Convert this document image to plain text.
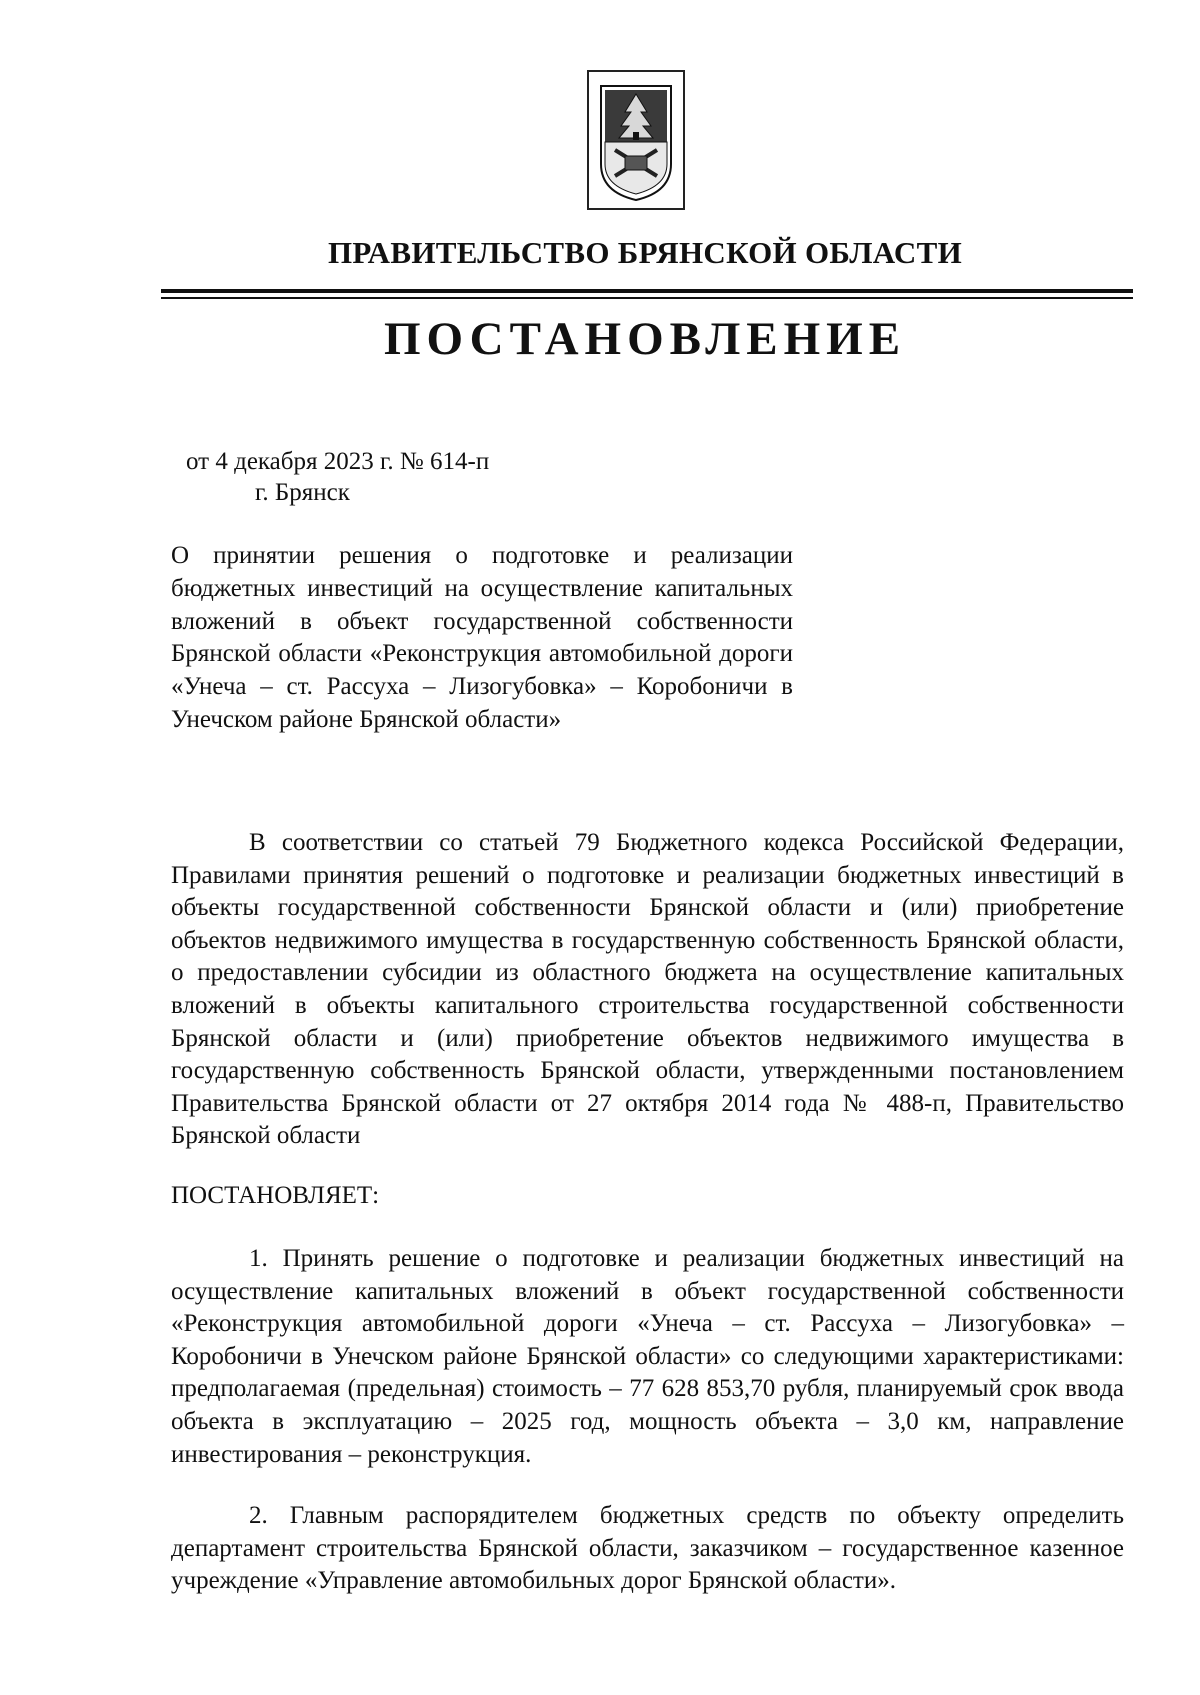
ПРАВИТЕЛЬСТВО БРЯНСКОЙ ОБЛАСТИ
ПОСТАНОВЛЕНИЕ
от 4 декабря 2023 г. № 614-п
г. Брянск
О принятии решения о подготовке и реализации бюджетных инвестиций на осуществление капитальных вложений в объект государственной собственности Брянской области «Реконструкция автомобильной дороги «Унеча – ст. Рассуха – Лизогубовка» – Коробоничи в Унечском районе Брянской области»

В соответствии со статьей 79 Бюджетного кодекса Российской Федерации, Правилами принятия решений о подготовке и реализации бюджетных инвестиций в объекты государственной собственности Брянской области и (или) приобретение объектов недвижимого имущества в государственную собственность Брянской области, о предоставлении субсидии из областного бюджета на осуществление капитальных вложений в объекты капитального строительства государственной собственности Брянской области и (или) приобретение объектов недвижимого имущества в государственную собственность Брянской области, утвержденными постановлением Правительства Брянской области от 27 октября 2014 года № 488-п, Правительство Брянской области

ПОСТАНОВЛЯЕТ:

1. Принять решение о подготовке и реализации бюджетных инвестиций на осуществление капитальных вложений в объект государственной собственности «Реконструкция автомобильной дороги «Унеча – ст. Рассуха – Лизогубовка» – Коробоничи в Унечском районе Брянской области» со следующими характеристиками: предполагаемая (предельная) стоимость – 77 628 853,70 рубля, планируемый срок ввода объекта в эксплуатацию – 2025 год, мощность объекта – 3,0 км, направление инвестирования – реконструкция.

2. Главным распорядителем бюджетных средств по объекту определить департамент строительства Брянской области, заказчиком – государственное казенное учреждение «Управление автомобильных дорог Брянской области».
